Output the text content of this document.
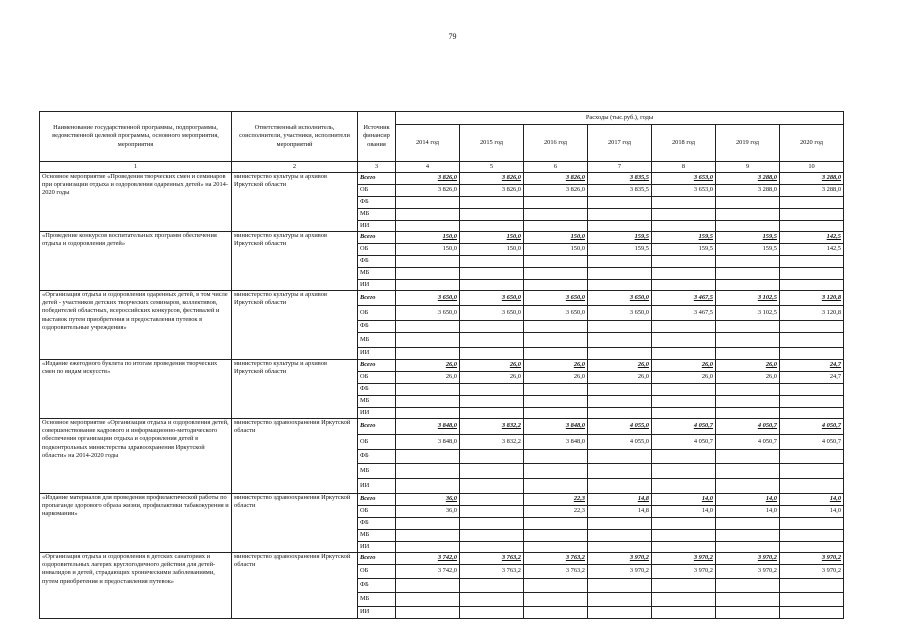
79
Наименование государственной программы, подпрограммы, ведомственной целевой программы, основного мероприятия, мероприятия	Ответственный исполнитель, соисполнители, участники, исполнители мероприятий	Источник финансир ования	Расходы (тыс.руб.), годы						
			2014 год	2015 год	2016 год	2017 год	2018 год	2019 год	2020 год
1	2	3	4	5	6	7	8	9	10
Основное мероприятие «Проведения творческих смен и семинаров при организации отдыха и оздоровления одаренных детей» на 2014-2020 годы	министерство культуры и архивов Иркутской области	Всего	3 826,0	3 826,0	3 826,0	3 835,5	3 653,0	3 288,0	3 288,0
		ОБ	3 826,0	3 826,0	3 826,0	3 835,5	3 653,0	3 288,0	3 288,0
		ФБ							
		МБ							
		ИИ							
«Проведение конкурсов воспитательных программ обеспечения отдыха и оздоровления детей»	министерство культуры и архивов Иркутской области	Всего	150,0	150,0	150,0	159,5	159,5	159,5	142,5
		ОБ	150,0	150,0	150,0	159,5	159,5	159,5	142,5
		ФБ							
		МБ							
		ИИ							
«Организация отдыха и оздоровления одаренных детей, в том числе детей - участников детских творческих семинаров, коллективов, победителей областных, всероссийских конкурсов, фестивалей и выставок путем приобретения и предоставления путевок в оздоровительные учреждения»	министерство культуры и архивов Иркутской области	Всего	3 650,0	3 650,0	3 650,0	3 650,0	3 467,5	3 102,5	3 120,8
		ОБ	3 650,0	3 650,0	3 650,0	3 650,0	3 467,5	3 102,5	3 120,8
		ФБ							
		МБ							
		ИИ							
«Издание ежегодного буклета по итогам проведения творческих смен по видам искусств»	министерство культуры и архивов Иркутской области	Всего	26,0	26,0	26,0	26,0	26,0	26,0	24,7
		ОБ	26,0	26,0	26,0	26,0	26,0	26,0	24,7
		ФБ							
		МБ							
		ИИ							
Основное мероприятие «Организация отдыха и оздоровления детей, совершенствование кадрового и информационно-методического обеспечения организации отдыха и оздоровления детей в подконтрольных министерства здравоохранения Иркутской области» на 2014-2020 годы	министерство здравоохранения Иркутской области	Всего	3 848,0	3 832,2	3 848,0	4 055,0	4 050,7	4 050,7	4 050,7
		ОБ	3 848,0	3 832,2	3 848,0	4 055,0	4 050,7	4 050,7	4 050,7
		ФБ							
		МБ							
		ИИ							
«Издание материалов для проведения профилактической работы по пропаганде здорового образа жизни, профилактики табакокурения и наркомании»	министерство здравоохранения Иркутской области	Всего	36,0		22,3	14,8	14,0	14,0	14,0
		ОБ	36,0		22,3	14,8	14,0	14,0	14,0
		ФБ							
		МБ							
		ИИ							
«Организация отдыха и оздоровления в детских санаториях и оздоровительных лагерях круглогодичного действия для детей-инвалидов и детей, страдающих хроническими заболеваниями, путем приобретения и предоставления путевок»	министерство здравоохранения Иркутской области	Всего	3 742,0	3 763,2	3 763,2	3 970,2	3 970,2	3 970,2	3 970,2
		ОБ	3 742,0	3 763,2	3 763,2	3 970,2	3 970,2	3 970,2	3 970,2
		ФБ							
		МБ							
		ИИ							
